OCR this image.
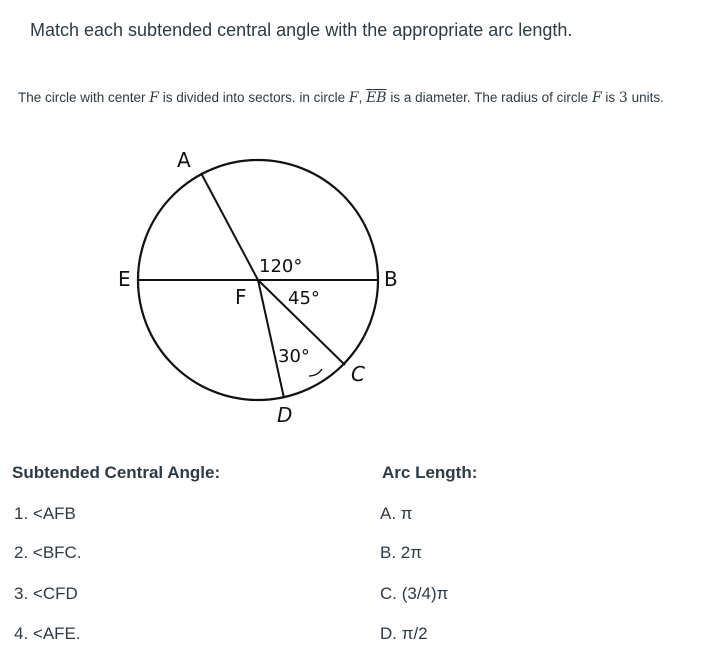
Match each subtended central angle with the appropriate arc length.
The circle with center F is divided into sectors. in circle F, $\overline{EB}$ is a diameter. The radius of circle F is 3 units.
A
E
F
B
C
D
120°
45°
30°
Subtended Central Angle:	Arc Length:
1. <AFB
2. <BFC.
3. <CFD
4. <AFE.
A. π
B. 2π
C. (3/4)π
D. π/2
